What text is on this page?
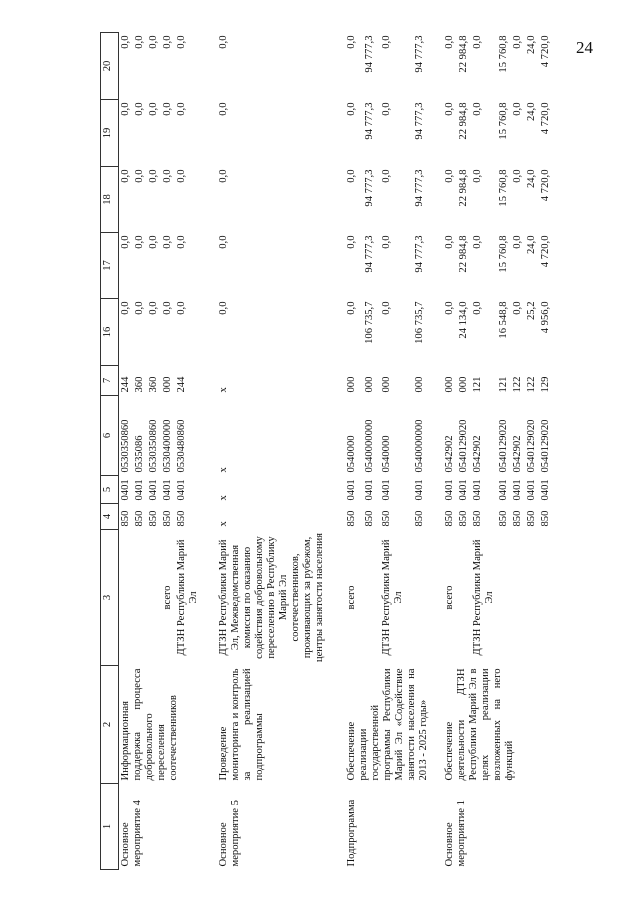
24
1	2	3	4	5	6	7	16	17	18	19	20
Основное мероприятие 4	Информационная поддержка процесса добровольного переселения соотечественников		850	0401	0530350860	244	0,0	0,0	0,0	0,0	0,0
			850	0401	0535086	360	0,0	0,0	0,0	0,0	0,0
			850	0401	0530350860	360	0,0	0,0	0,0	0,0	0,0
		всего	850	0401	0530400000	000	0,0	0,0	0,0	0,0	0,0
		ДТЗН Республики Марий Эл	850	0401	0530480860	244	0,0	0,0	0,0	0,0	0,0

Основное мероприятие 5	Проведение мониторинга и контроль за реализацией подпрограммы	ДТЗН Республики Марий Эл, Межведомственная комиссия по оказанию содействия добровольному переселению в Республику Марий Эл соотечественников, проживающих за рубежом, центры занятости населения	х	х	х	х	0,0	0,0	0,0	0,0	0,0

Подпрограмма	Обеспечение реализации государственной программы Республики Марий Эл «Содействие занятости населения на 2013 - 2025 годы»	всего	850	0401	0540000	000	0,0	0,0	0,0	0,0	0,0
			850	0401	0540000000	000	106 735,7	94 777,3	94 777,3	94 777,3	94 777,3
		ДТЗН Республики Марий Эл	850	0401	0540000	000	0,0	0,0	0,0	0,0	0,0
			850	0401	0540000000	000	106 735,7	94 777,3	94 777,3	94 777,3	94 777,3

Основное мероприятие 1	Обеспечение деятельности ДТЗН Республики Марий Эл в целях реализации возложенных на него функций	всего	850	0401	0542902	000	0,0	0,0	0,0	0,0	0,0
			850	0401	0540129020	000	24 134,0	22 984,8	22 984,8	22 984,8	22 984,8
		ДТЗН Республики Марий Эл	850	0401	0542902	121	0,0	0,0	0,0	0,0	0,0
			850	0401	0540129020	121	16 548,8	15 760,8	15 760,8	15 760,8	15 760,8
			850	0401	0542902	122	0,0	0,0	0,0	0,0	0,0
			850	0401	0540129020	122	25,2	24,0	24,0	24,0	24,0
			850	0401	0540129020	129	4 956,0	4 720,0	4 720,0	4 720,0	4 720,0
